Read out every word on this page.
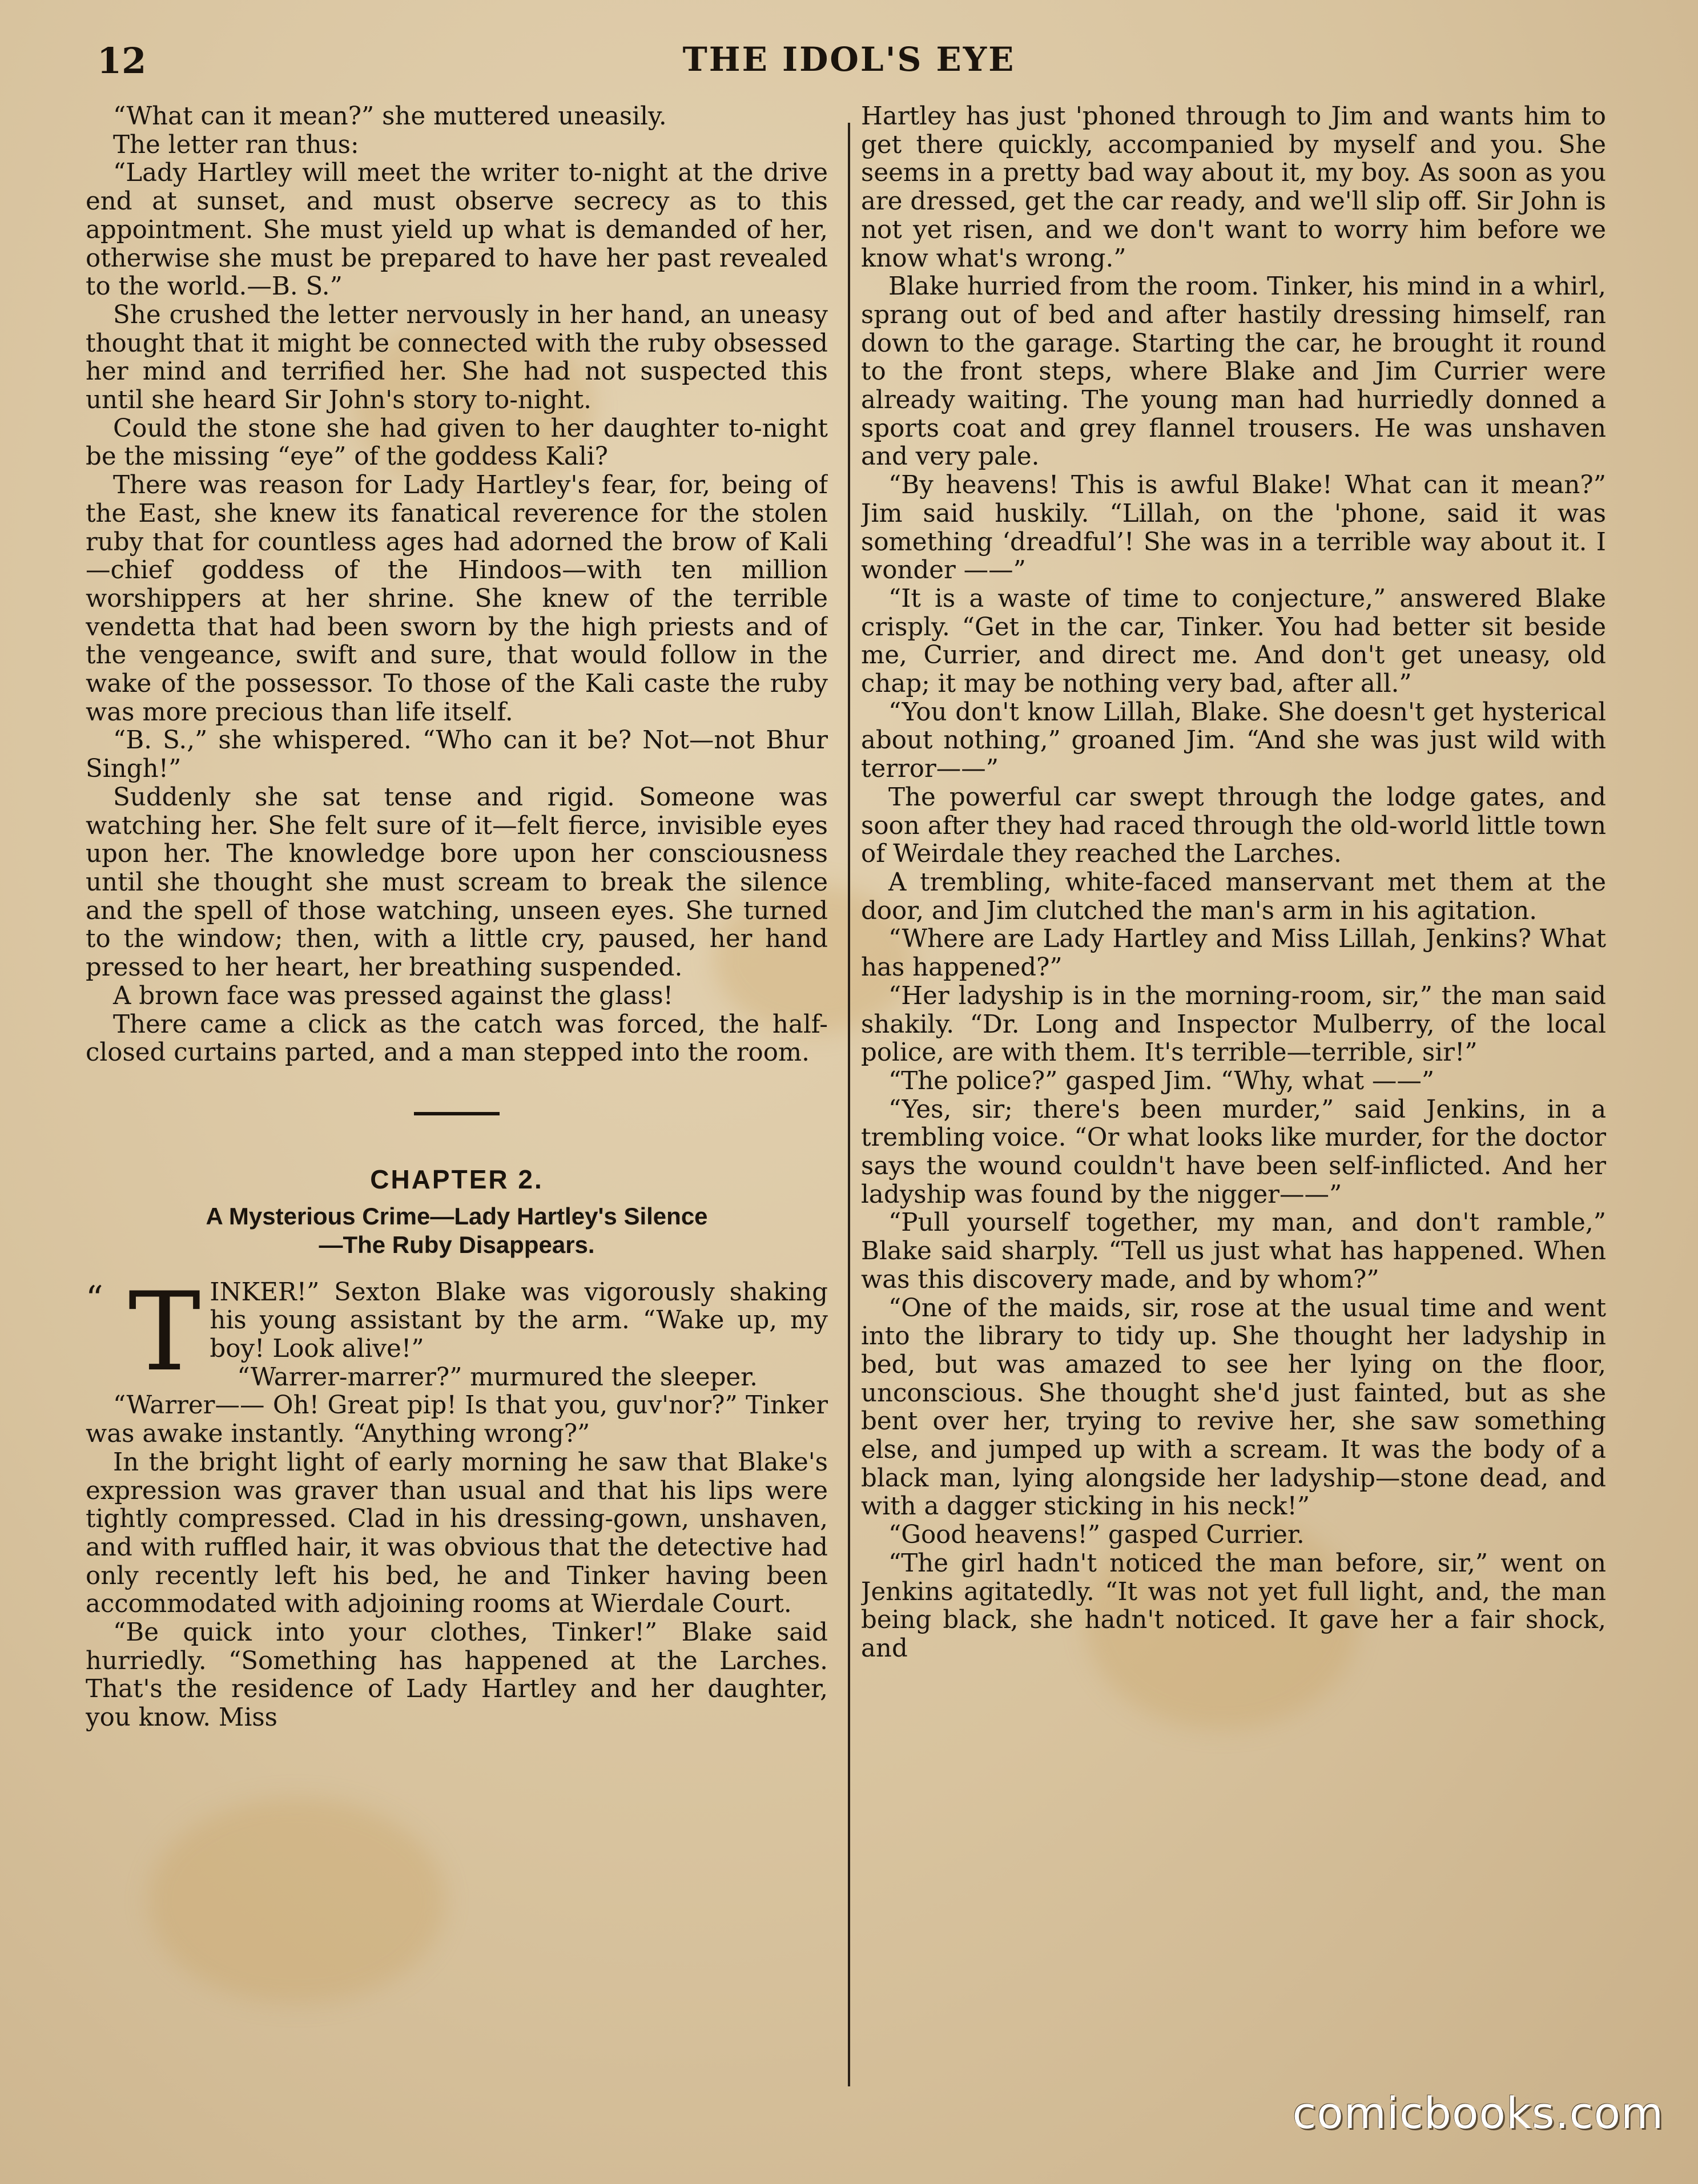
12	THE IDOL'S EYE

“What can it mean?” she muttered uneasily.

The letter ran thus:

“Lady Hartley will meet the writer to-night at the drive end at sunset, and must observe secrecy as to this appointment. She must yield up what is demanded of her, otherwise she must be prepared to have her past revealed to the world.—B. S.”

She crushed the letter nervously in her hand, an uneasy thought that it might be connected with the ruby obsessed her mind and terrified her. She had not suspected this until she heard Sir John's story to-night.

Could the stone she had given to her daughter to-night be the missing “eye” of the goddess Kali?

There was reason for Lady Hartley's fear, for, being of the East, she knew its fanatical reverence for the stolen ruby that for countless ages had adorned the brow of Kali—chief goddess of the Hindoos—with ten million worshippers at her shrine. She knew of the terrible vendetta that had been sworn by the high priests and of the vengeance, swift and sure, that would follow in the wake of the possessor. To those of the Kali caste the ruby was more precious than life itself.

“B. S.,” she whispered. “Who can it be? Not—not Bhur Singh!”

Suddenly she sat tense and rigid. Someone was watching her. She felt sure of it—felt fierce, invisible eyes upon her. The knowledge bore upon her consciousness until she thought she must scream to break the silence and the spell of those watching, unseen eyes. She turned to the window; then, with a little cry, paused, her hand pressed to her heart, her breathing suspended.

A brown face was pressed against the glass!

There came a click as the catch was forced, the half-closed curtains parted, and a man stepped into the room.

CHAPTER 2.
A Mysterious Crime—Lady Hartley's Silence
—The Ruby Disappears.

“ T INKER!” Sexton Blake was vigorously shaking his young assistant by the arm. “Wake up, my boy! Look alive!”

“Warrer-marrer?” murmured the sleeper.

“Warrer—— Oh! Great pip! Is that you, guv'nor?” Tinker was awake instantly. “Anything wrong?”

In the bright light of early morning he saw that Blake's expression was graver than usual and that his lips were tightly compressed. Clad in his dressing-gown, unshaven, and with ruffled hair, it was obvious that the detective had only recently left his bed, he and Tinker having been accommodated with adjoining rooms at Wierdale Court.

“Be quick into your clothes, Tinker!” Blake said hurriedly. “Something has happened at the Larches. That's the residence of Lady Hartley and her daughter, you know. Miss

Hartley has just 'phoned through to Jim and wants him to get there quickly, accompanied by myself and you. She seems in a pretty bad way about it, my boy. As soon as you are dressed, get the car ready, and we'll slip off. Sir John is not yet risen, and we don't want to worry him before we know what's wrong.”

Blake hurried from the room. Tinker, his mind in a whirl, sprang out of bed and after hastily dressing himself, ran down to the garage. Starting the car, he brought it round to the front steps, where Blake and Jim Currier were already waiting. The young man had hurriedly donned a sports coat and grey flannel trousers. He was unshaven and very pale.

“By heavens! This is awful Blake! What can it mean?” Jim said huskily. “Lillah, on the 'phone, said it was something ‘dreadful’! She was in a terrible way about it. I wonder ——”

“It is a waste of time to conjecture,” answered Blake crisply. “Get in the car, Tinker. You had better sit beside me, Currier, and direct me. And don't get uneasy, old chap; it may be nothing very bad, after all.”

“You don't know Lillah, Blake. She doesn't get hysterical about nothing,” groaned Jim. “And she was just wild with terror——”

The powerful car swept through the lodge gates, and soon after they had raced through the old-world little town of Weirdale they reached the Larches.

A trembling, white-faced manservant met them at the door, and Jim clutched the man's arm in his agitation.

“Where are Lady Hartley and Miss Lillah, Jenkins? What has happened?”

“Her ladyship is in the morning-room, sir,” the man said shakily. “Dr. Long and Inspector Mulberry, of the local police, are with them. It's terrible—terrible, sir!”

“The police?” gasped Jim. “Why, what ——”

“Yes, sir; there's been murder,” said Jenkins, in a trembling voice. “Or what looks like murder, for the doctor says the wound couldn't have been self-inflicted. And her ladyship was found by the nigger——”

“Pull yourself together, my man, and don't ramble,” Blake said sharply. “Tell us just what has happened. When was this discovery made, and by whom?”

“One of the maids, sir, rose at the usual time and went into the library to tidy up. She thought her ladyship in bed, but was amazed to see her lying on the floor, unconscious. She thought she'd just fainted, but as she bent over her, trying to revive her, she saw something else, and jumped up with a scream. It was the body of a black man, lying alongside her ladyship—stone dead, and with a dagger sticking in his neck!”

“Good heavens!” gasped Currier.

“The girl hadn't noticed the man before, sir,” went on Jenkins agitatedly. “It was not yet full light, and, the man being black, she hadn't noticed. It gave her a fair shock, and

comicbooks.com
